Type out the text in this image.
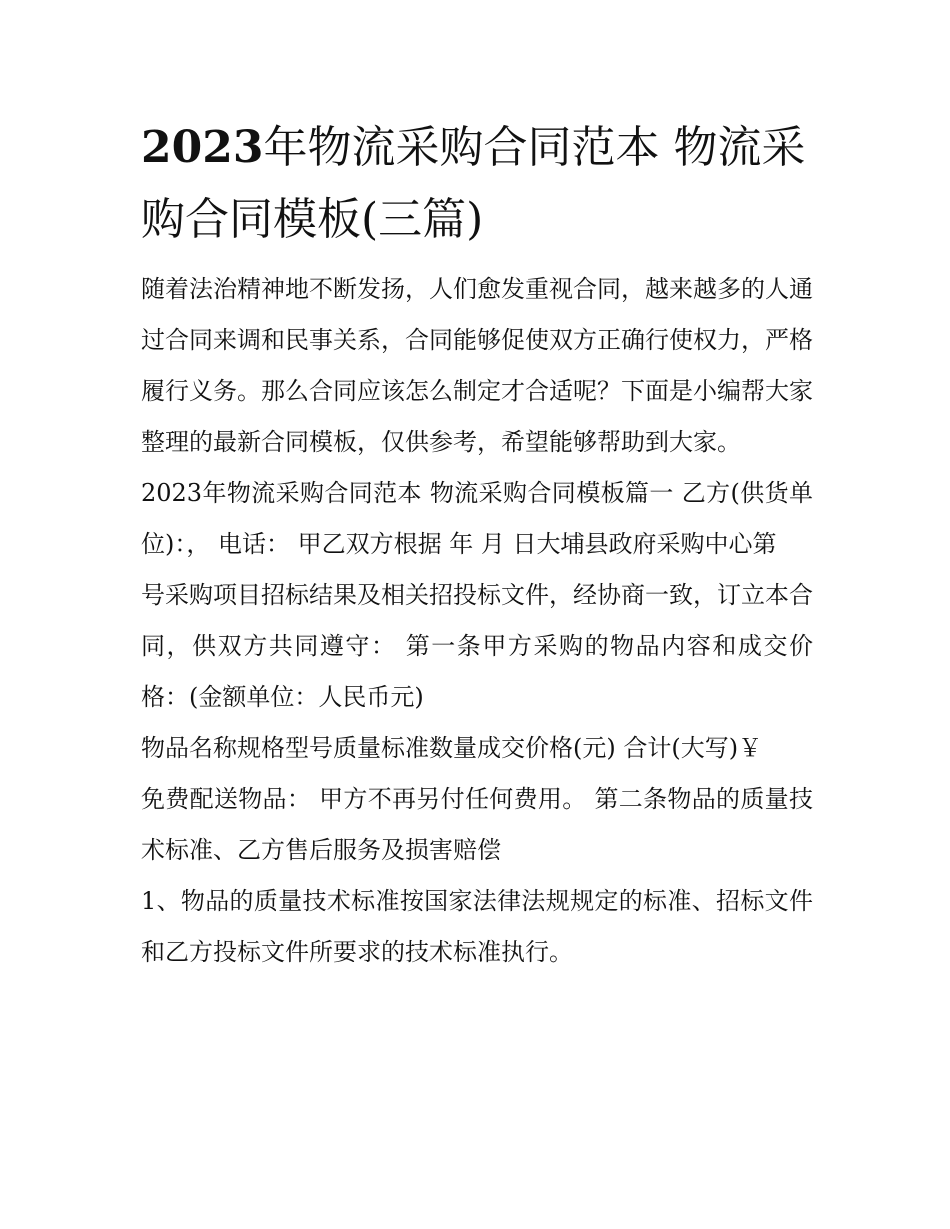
2023年物流采购合同范本 物流采购合同模板(三篇)

随着法治精神地不断发扬，人们愈发重视合同，越来越多的人通过合同来调和民事关系，合同能够促使双方正确行使权力，严格履行义务。那么合同应该怎么制定才合适呢？下面是小编帮大家整理的最新合同模板，仅供参考，希望能够帮助到大家。

2023年物流采购合同范本 物流采购合同模板篇一 乙方(供货单位)：， 电话： 甲乙双方根据 年 月 日大埔县政府采购中心第

号采购项目招标结果及相关招投标文件，经协商一致，订立本合同，供双方共同遵守： 第一条甲方采购的物品内容和成交价格：(金额单位：人民币元)

物品名称规格型号质量标准数量成交价格(元) 合计(大写)￥

免费配送物品： 甲方不再另付任何费用。 第二条物品的质量技术标准、乙方售后服务及损害赔偿

1、物品的质量技术标准按国家法律法规规定的标准、招标文件和乙方投标文件所要求的技术标准执行。
